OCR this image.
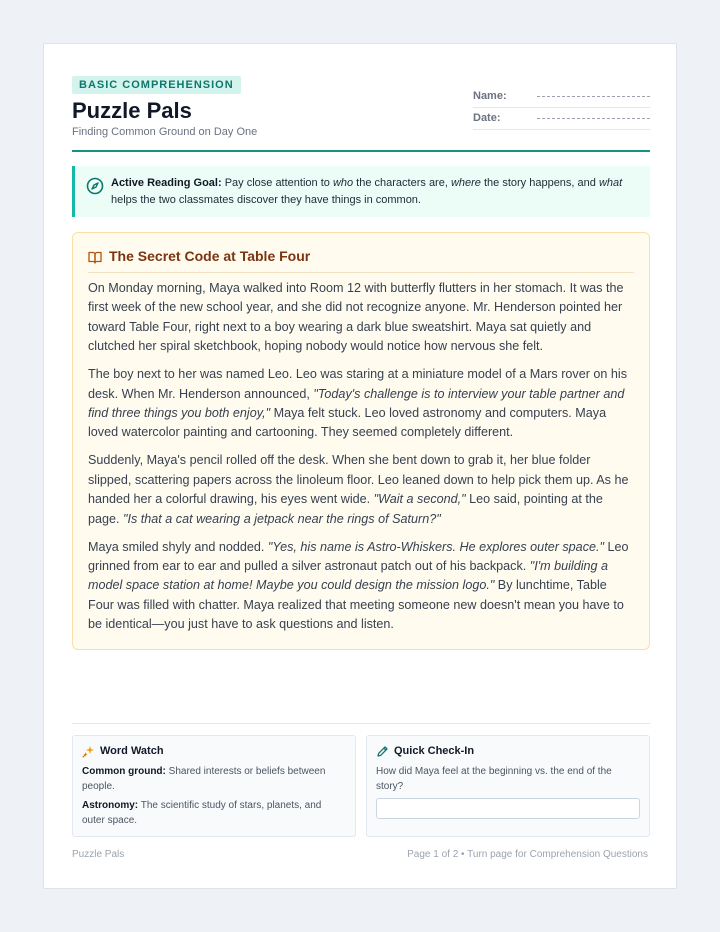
BASIC COMPREHENSION
Puzzle Pals
Finding Common Ground on Day One
Name:
Date:
Active Reading Goal: Pay close attention to who the characters are, where the story happens, and what helps the two classmates discover they have things in common.
The Secret Code at Table Four

On Monday morning, Maya walked into Room 12 with butterfly flutters in her stomach. It was the first week of the new school year, and she did not recognize anyone. Mr. Henderson pointed her toward Table Four, right next to a boy wearing a dark blue sweatshirt. Maya sat quietly and clutched her spiral sketchbook, hoping nobody would notice how nervous she felt.

The boy next to her was named Leo. Leo was staring at a miniature model of a Mars rover on his desk. When Mr. Henderson announced, "Today's challenge is to interview your table partner and find three things you both enjoy," Maya felt stuck. Leo loved astronomy and computers. Maya loved watercolor painting and cartooning. They seemed completely different.

Suddenly, Maya's pencil rolled off the desk. When she bent down to grab it, her blue folder slipped, scattering papers across the linoleum floor. Leo leaned down to help pick them up. As he handed her a colorful drawing, his eyes went wide. "Wait a second," Leo said, pointing at the page. "Is that a cat wearing a jetpack near the rings of Saturn?"

Maya smiled shyly and nodded. "Yes, his name is Astro-Whiskers. He explores outer space." Leo grinned from ear to ear and pulled a silver astronaut patch out of his backpack. "I'm building a model space station at home! Maybe you could design the mission logo." By lunchtime, Table Four was filled with chatter. Maya realized that meeting someone new doesn't mean you have to be identical—you just have to ask questions and listen.

Word Watch
Common ground: Shared interests or beliefs between people.
Astronomy: The scientific study of stars, planets, and outer space.
Quick Check-In
How did Maya feel at the beginning vs. the end of the story?
Puzzle Pals	Page 1 of 2 • Turn page for Comprehension Questions
